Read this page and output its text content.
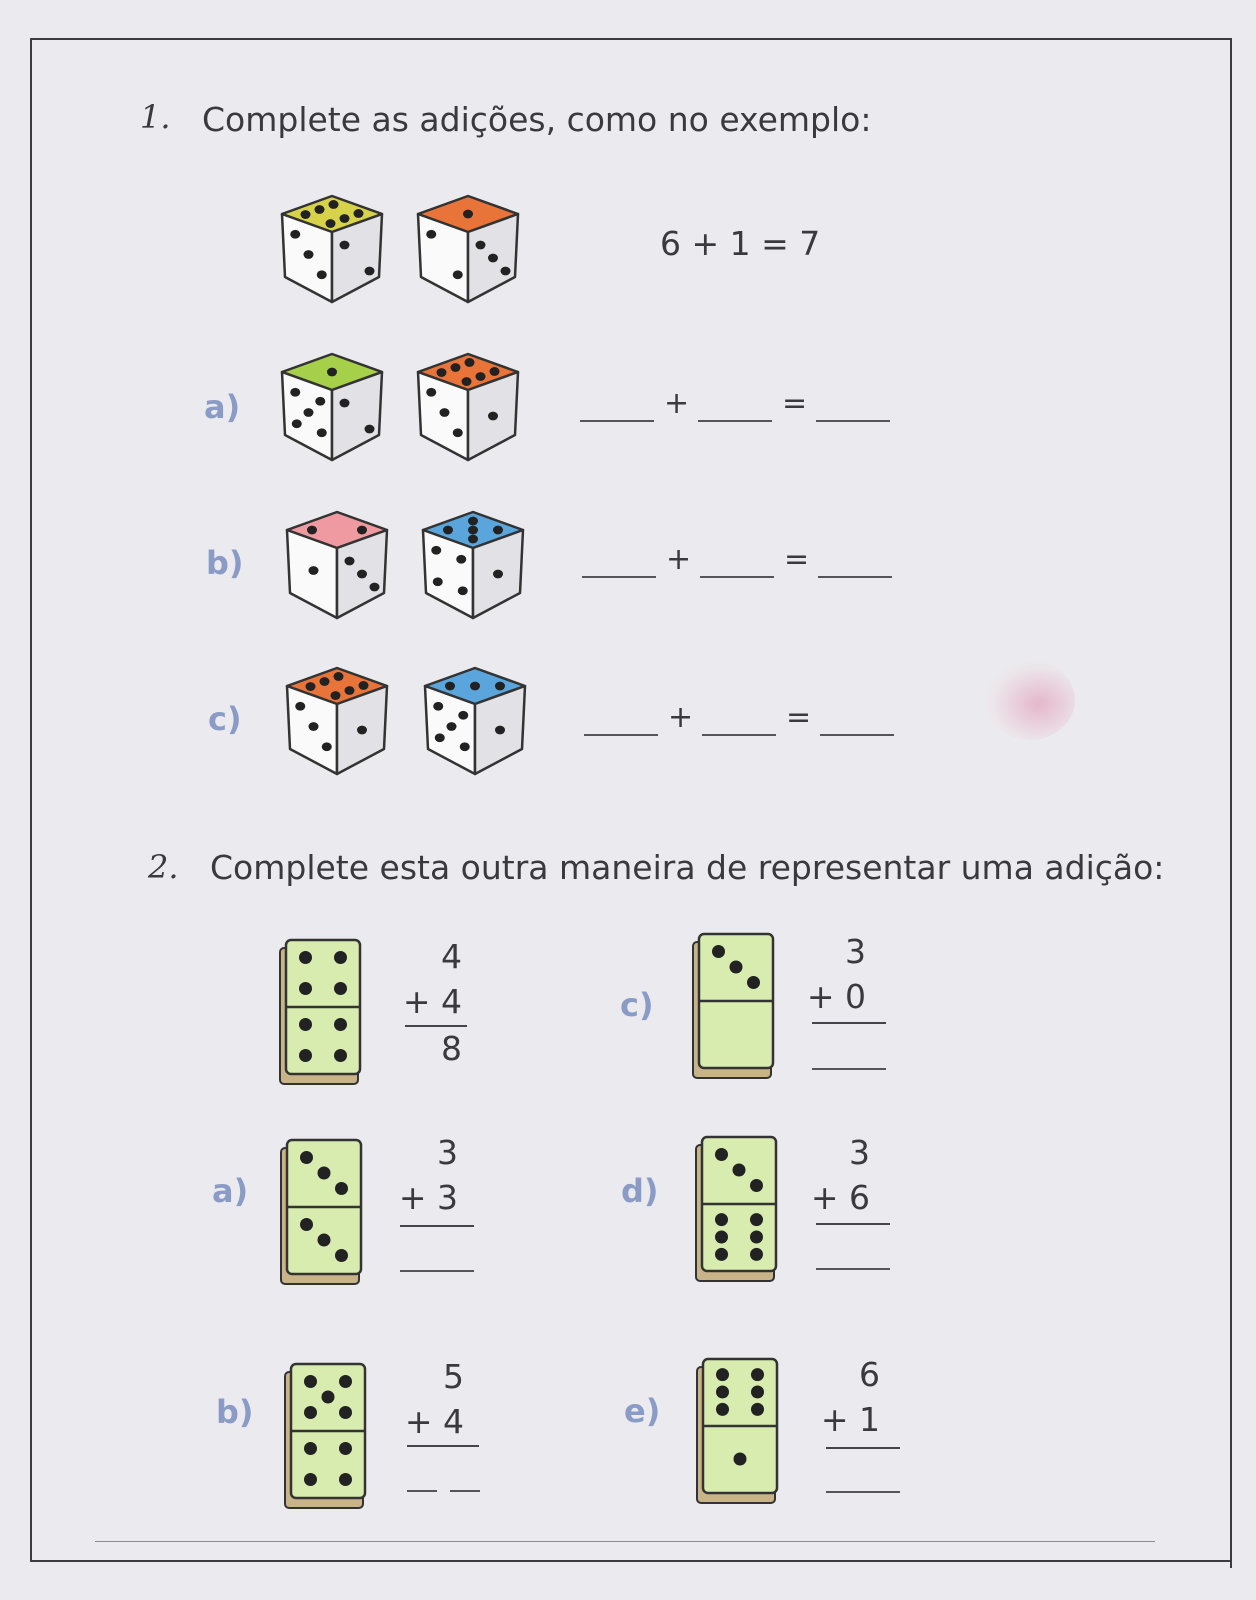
1. Complete as adições, como no exemplo:
6 + 1 = 7
a)	+	=
b)	+	=
c)	+	=
2. Complete esta outra maneira de representar uma adição:
4
+ 4
8
a)
3
+ 3
b)
5
+ 4
c)
3
+ 0
d)
3
+ 6
e)
6
+ 1
